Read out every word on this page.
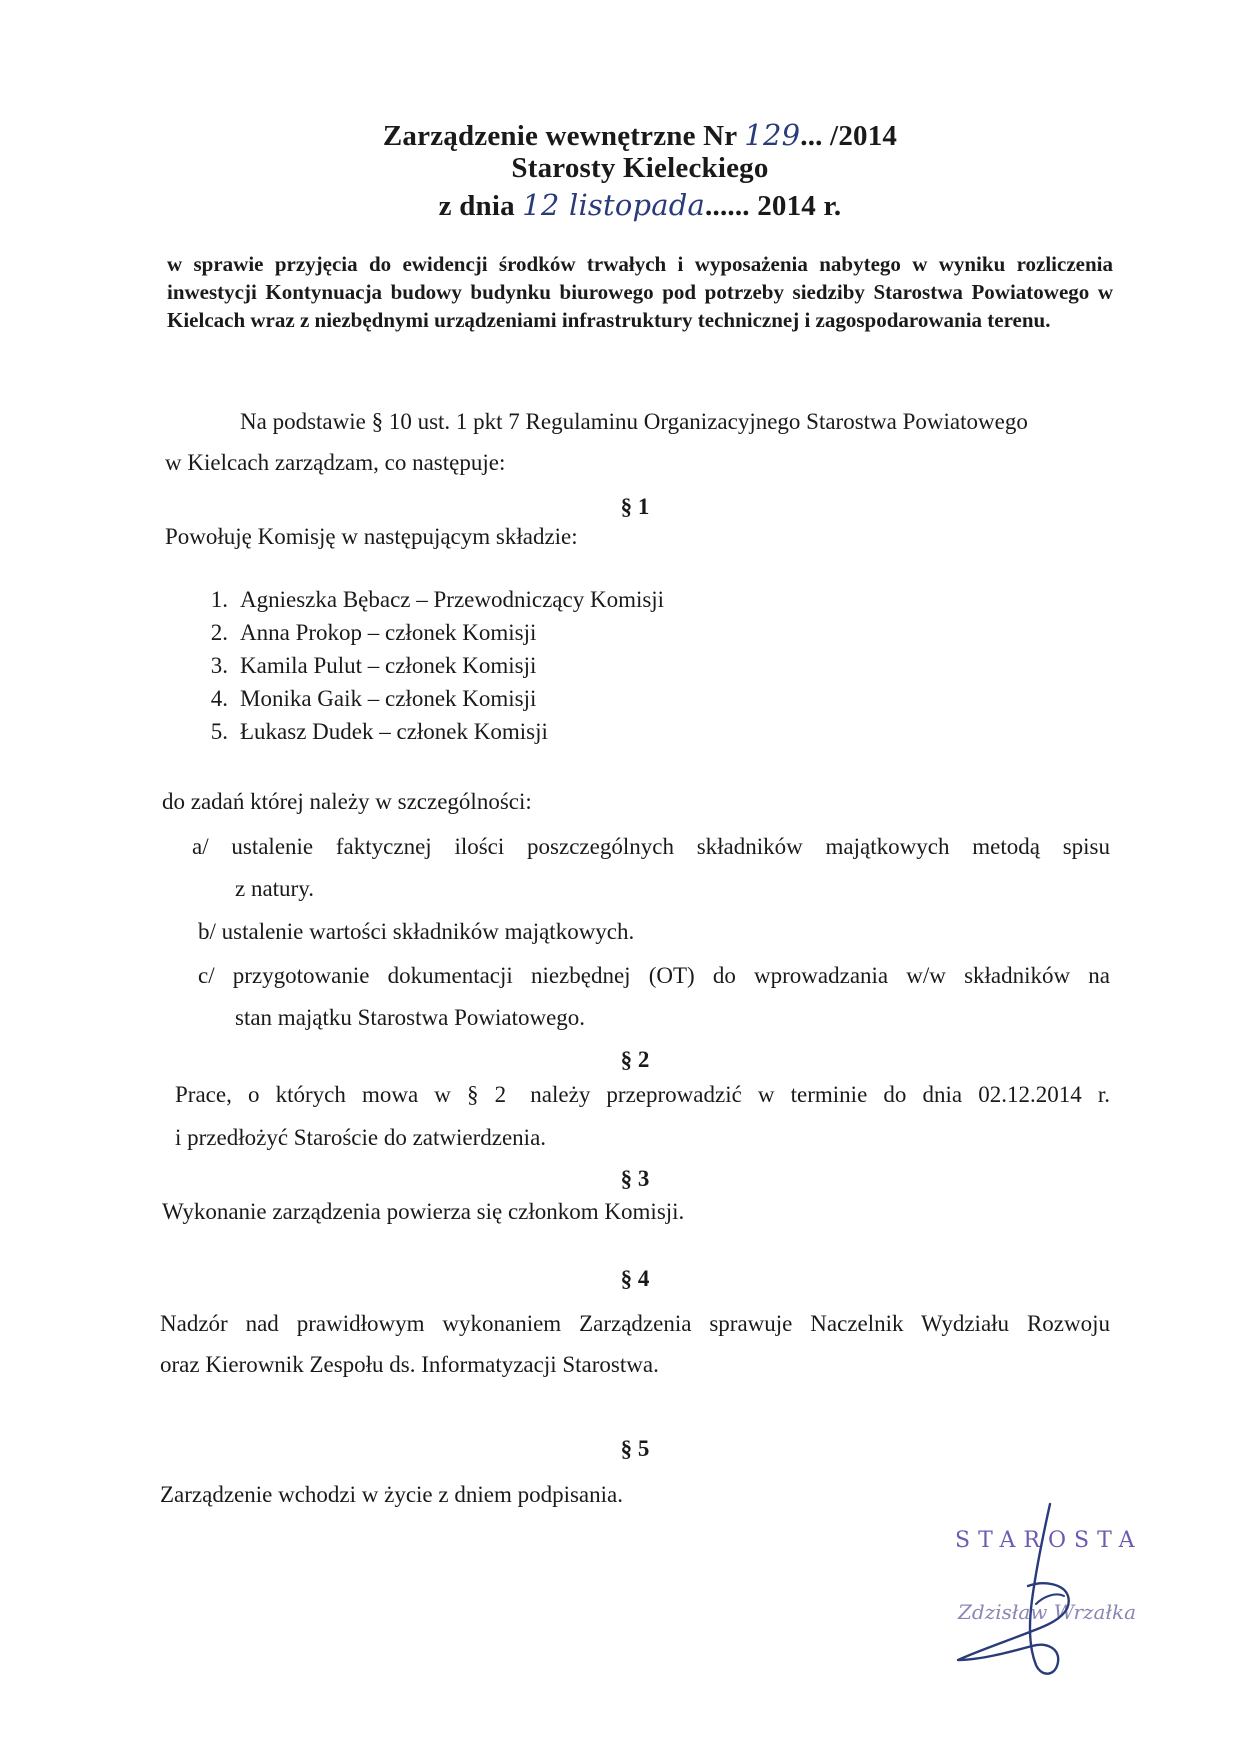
Zarządzenie wewnętrzne Nr 129... /2014
Starosty Kieleckiego
z dnia 12 listopada...... 2014 r.
w sprawie przyjęcia do ewidencji środków trwałych i wyposażenia nabytego w wyniku rozliczenia inwestycji Kontynuacja budowy budynku biurowego pod potrzeby siedziby Starostwa Powiatowego w Kielcach wraz z niezbędnymi urządzeniami infrastruktury technicznej i zagospodarowania terenu.
Na podstawie § 10 ust. 1 pkt 7 Regulaminu Organizacyjnego Starostwa Powiatowego
w Kielcach zarządzam, co następuje:
§ 1
Powołuję Komisję w następującym składzie:
1. Agnieszka Bębacz – Przewodniczący Komisji
2. Anna Prokop – członek Komisji
3. Kamila Pulut – członek Komisji
4. Monika Gaik – członek Komisji
5. Łukasz Dudek – członek Komisji
do zadań której należy w szczególności:
a/  ustalenie  faktycznej  ilości  poszczególnych  składników  majątkowych  metodą  spisu
z natury.
b/ ustalenie wartości składników majątkowych.
c/  przygotowanie  dokumentacji  niezbędnej  (OT)  do  wprowadzania  w/w  składników  na
stan majątku Starostwa Powiatowego.
§ 2
Prace,  o  których  mowa  w  §  2   należy  przeprowadzić  w  terminie  do  dnia  02.12.2014  r.
i przedłożyć Staroście do zatwierdzenia.
§ 3
Wykonanie zarządzenia powierza się członkom Komisji.
§ 4
Nadzór nad prawidłowym wykonaniem Zarządzenia sprawuje Naczelnik Wydziału Rozwoju
oraz Kierownik Zespołu ds. Informatyzacji Starostwa.
§ 5
Zarządzenie wchodzi w życie z dniem podpisania.
STAROSTA
Zdzisław Wrzałka
